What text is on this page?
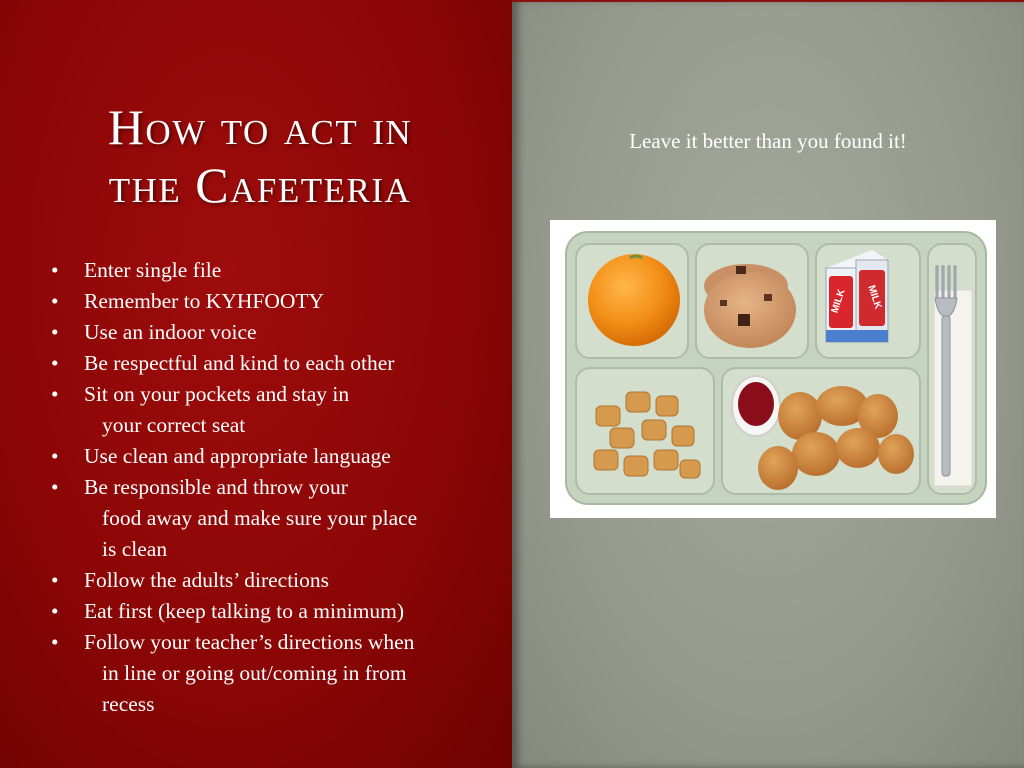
How to act in
the Cafeteria
• Enter single file
• Remember to KYHFOOTY
• Use an indoor voice
• Be respectful and kind to each other
• Sit on your pockets and stay in
your correct seat
• Use clean and appropriate language
• Be responsible and throw your
food away and make sure your place
is clean
• Follow the adults’ directions
• Eat first (keep talking to a minimum)
• Follow your teacher’s directions when
in line or going out/coming in from
recess

Leave it better than you found it!

MILK MILK
